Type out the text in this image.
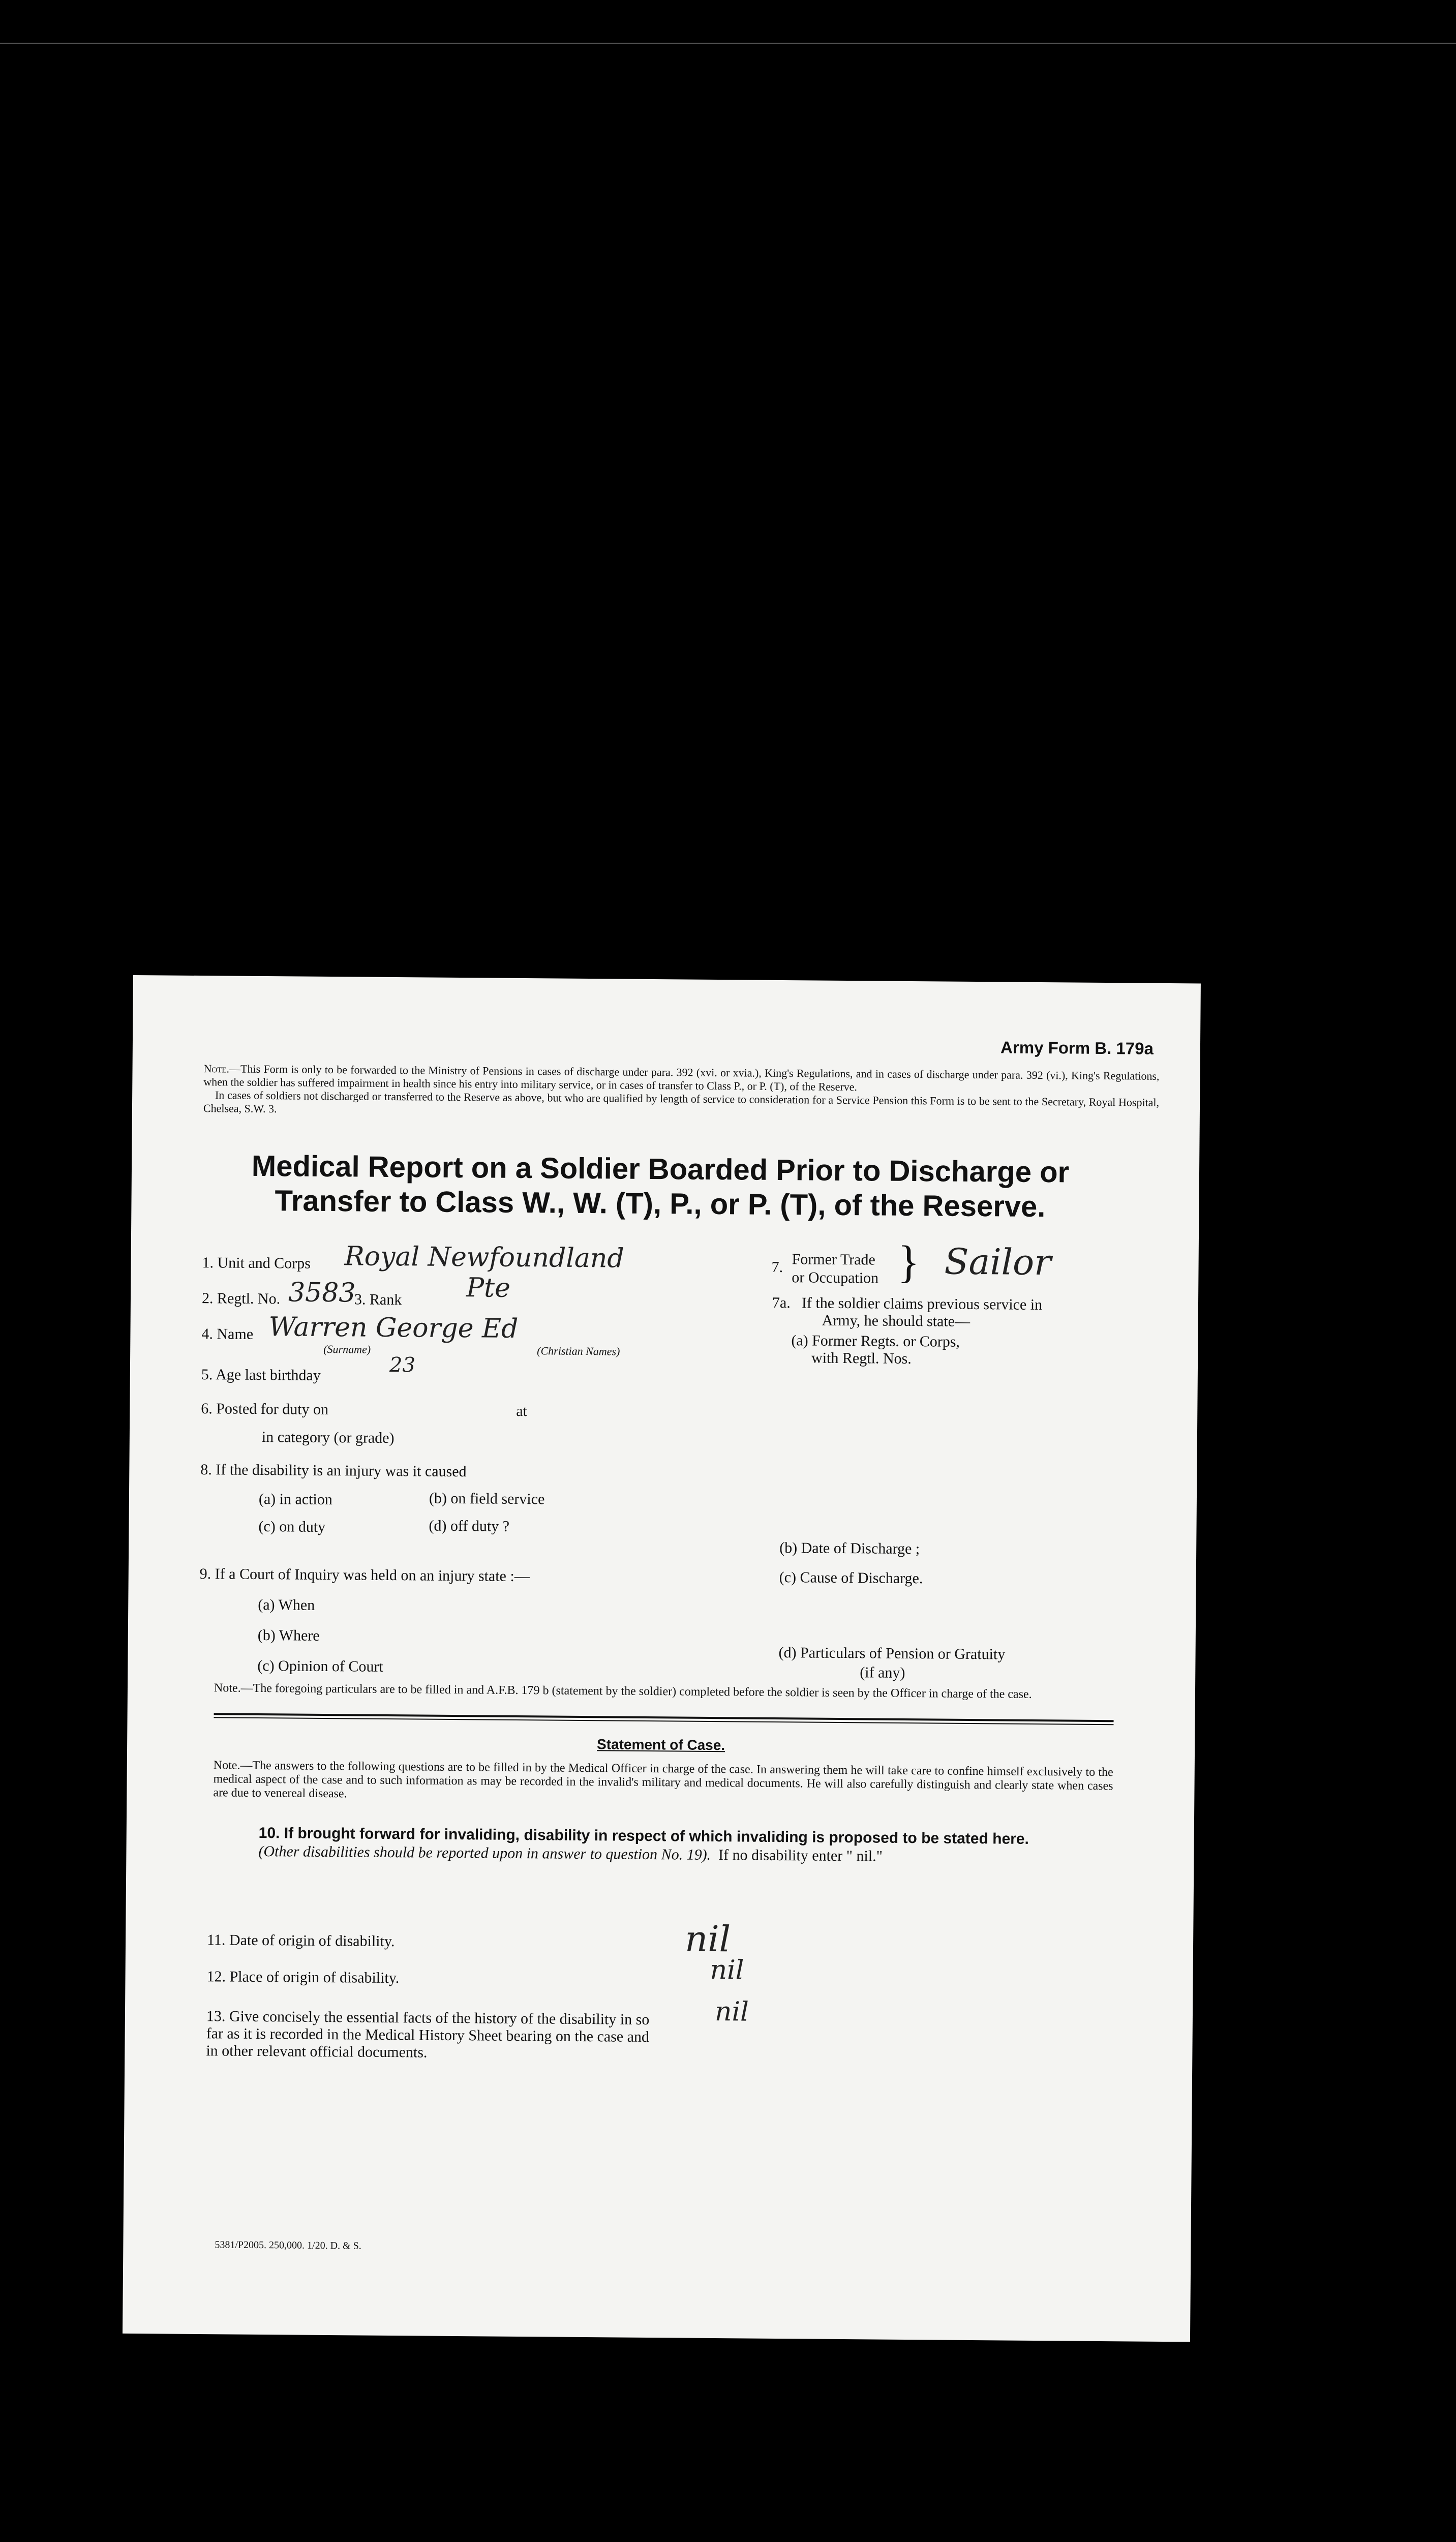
Army Form B. 179a
Note.—This Form is only to be forwarded to the Ministry of Pensions in cases of discharge under para. 392 (xvi. or xvia.), King's Regulations, and in cases of discharge under para. 392 (vi.), King's Regulations, when the soldier has suffered impairment in health since his entry into military service, or in cases of transfer to Class P., or P. (T), of the Reserve.
In cases of soldiers not discharged or transferred to the Reserve as above, but who are qualified by length of service to consideration for a Service Pension this Form is to be sent to the Secretary, Royal Hospital, Chelsea, S.W. 3.
Medical Report on a Soldier Boarded Prior to Discharge or
Transfer to Class W., W. (T), P., or P. (T), of the Reserve.
1. Unit and Corps Royal Newfoundland
2. Regtl. No. 3583
3. Rank Pte
4. Name Warren George Ed
(Surname)	(Christian Names)
5. Age last birthday	23
6. Posted for duty on	at
in category (or grade)
8. If the disability is an injury was it caused
(a) in action	(b) on field service
(c) on duty	(d) off duty ?
9. If a Court of Inquiry was held on an injury state :—
(a) When
(b) Where
(c) Opinion of Court
7. Former Trade
or Occupation } Sailor
7a. If the soldier claims previous service in
Army, he should state—
(a) Former Regts. or Corps,
with Regtl. Nos.
(b) Date of Discharge ;
(c) Cause of Discharge.
(d) Particulars of Pension or Gratuity
(if any)
Note.—The foregoing particulars are to be filled in and A.F.B. 179 b (statement by the soldier) completed before the soldier is seen by the Officer in charge of the case.
Statement of Case.
Note.—The answers to the following questions are to be filled in by the Medical Officer in charge of the case. In answering them he will take care to confine himself exclusively to the medical aspect of the case and to such information as may be recorded in the invalid's military and medical documents. He will also carefully distinguish and clearly state when cases are due to venereal disease.
10. If brought forward for invaliding, disability in respect of which invaliding is proposed to be stated here.
(Other disabilities should be reported upon in answer to question No. 19). If no disability enter " nil."
11. Date of origin of disability.	nil
12. Place of origin of disability.	nil
13. Give concisely the essential facts of the history of the disability in so far as it is recorded in the Medical History Sheet bearing on the case and in other relevant official documents.
nil
5381/P2005. 250,000. 1/20. D. & S.
